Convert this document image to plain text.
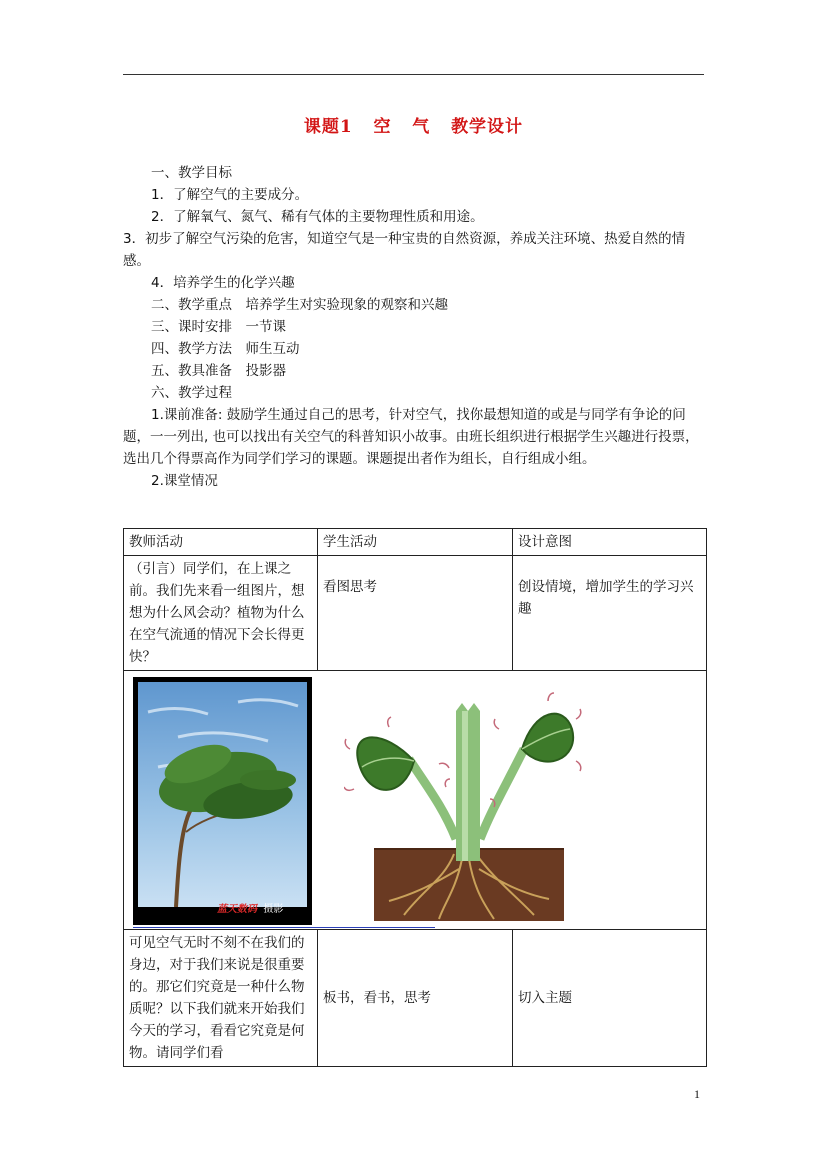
课题1 空 气 教学设计
一、教学目标
1．了解空气的主要成分。
2．了解氧气、氮气、稀有气体的主要物理性质和用途。
3．初步了解空气污染的危害，知道空气是一种宝贵的自然资源，养成关注环境、热爱自然的情感。
4．培养学生的化学兴趣
二、教学重点　培养学生对实验现象的观察和兴趣
三、课时安排　一节课
四、教学方法　师生互动
五、教具准备　投影器
六、教学过程
1.课前准备: 鼓励学生通过自己的思考，针对空气，找你最想知道的或是与同学有争论的问题，一一列出, 也可以找出有关空气的科普知识小故事。由班长组织进行根据学生兴趣进行投票，选出几个得票高作为同学们学习的课题。课题提出者作为组长，自行组成小组。
2.课堂情况
教师活动	学生活动	设计意图
（引言）同学们，在上课之前。我们先来看一组图片，想想为什么风会动？植物为什么在空气流通的情况下会长得更快？	看图思考	创设情境，增加学生的学习兴趣

蓝天数码 摄影		

可见空气无时不刻不在我们的身边，对于我们来说是很重要的。那它们究竟是一种什么物质呢？以下我们就来开始我们今天的学习，看看它究竟是何物。请同学们看	板书，看书，思考	切入主题
1
